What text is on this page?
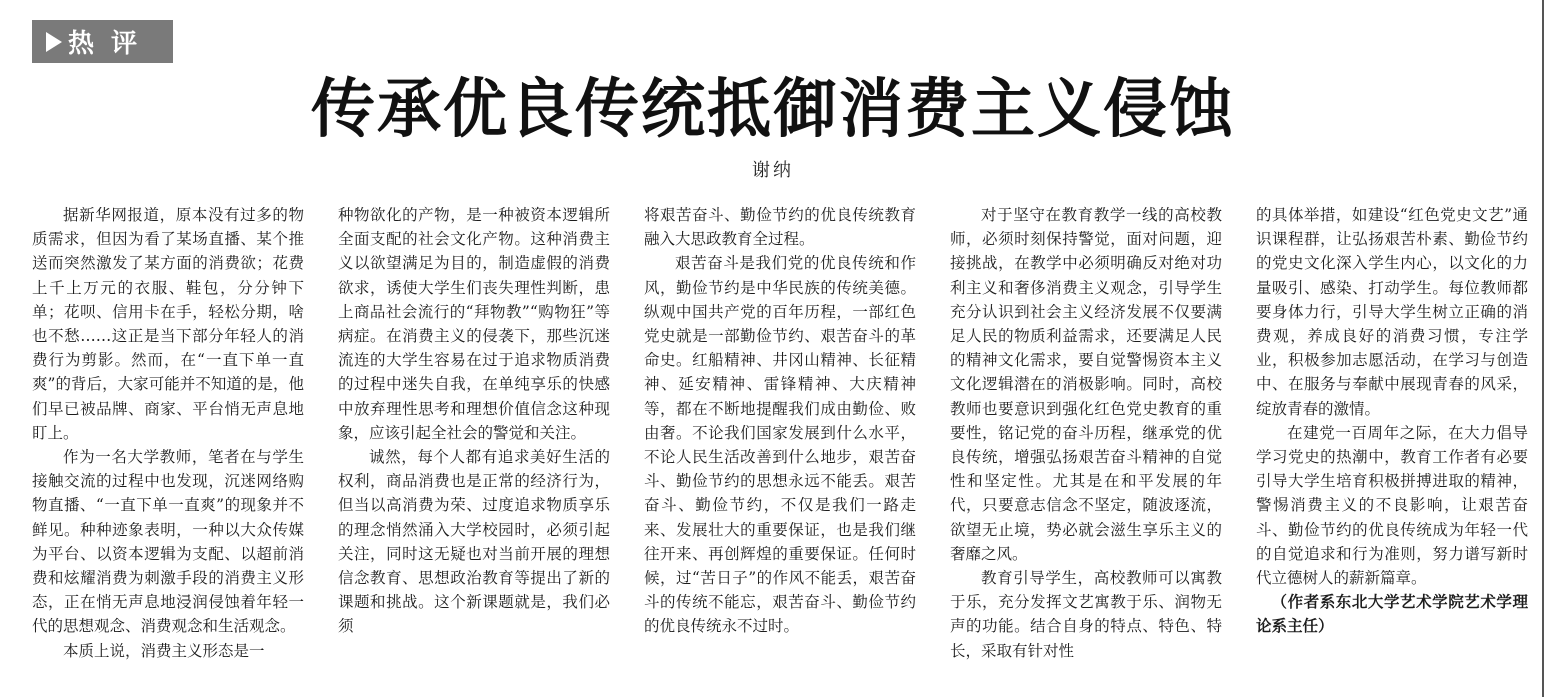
热 评
传承优良传统抵御消费主义侵蚀
谢纳

据新华网报道，原本没有过多的物质需求，但因为看了某场直播、某个推送而突然激发了某方面的消费欲；花费上千上万元的衣服、鞋包，分分钟下单；花呗、信用卡在手，轻松分期，啥也不愁……这正是当下部分年轻人的消费行为剪影。然而，在“一直下单一直爽”的背后，大家可能并不知道的是，他们早已被品牌、商家、平台悄无声息地盯上。

作为一名大学教师，笔者在与学生接触交流的过程中也发现，沉迷网络购物直播、“一直下单一直爽”的现象并不鲜见。种种迹象表明，一种以大众传媒为平台、以资本逻辑为支配、以超前消费和炫耀消费为刺激手段的消费主义形态，正在悄无声息地浸润侵蚀着年轻一代的思想观念、消费观念和生活观念。

本质上说，消费主义形态是一

种物欲化的产物，是一种被资本逻辑所全面支配的社会文化产物。这种消费主义以欲望满足为目的，制造虚假的消费欲求，诱使大学生们丧失理性判断，患上商品社会流行的“拜物教”“购物狂”等病症。在消费主义的侵袭下，那些沉迷流连的大学生容易在过于追求物质消费的过程中迷失自我，在单纯享乐的快感中放弃理性思考和理想价值信念这种现象，应该引起全社会的警觉和关注。

诚然，每个人都有追求美好生活的权利，商品消费也是正常的经济行为，但当以高消费为荣、过度追求物质享乐的理念悄然涌入大学校园时，必须引起关注，同时这无疑也对当前开展的理想信念教育、思想政治教育等提出了新的课题和挑战。这个新课题就是，我们必须

将艰苦奋斗、勤俭节约的优良传统教育融入大思政教育全过程。

艰苦奋斗是我们党的优良传统和作风，勤俭节约是中华民族的传统美德。纵观中国共产党的百年历程，一部红色党史就是一部勤俭节约、艰苦奋斗的革命史。红船精神、井冈山精神、长征精神、延安精神、雷锋精神、大庆精神等，都在不断地提醒我们成由勤俭、败由奢。不论我们国家发展到什么水平，不论人民生活改善到什么地步，艰苦奋斗、勤俭节约的思想永远不能丢。艰苦奋斗、勤俭节约，不仅是我们一路走来、发展壮大的重要保证，也是我们继往开来、再创辉煌的重要保证。任何时候，过“苦日子”的作风不能丢，艰苦奋斗的传统不能忘，艰苦奋斗、勤俭节约的优良传统永不过时。

对于坚守在教育教学一线的高校教师，必须时刻保持警觉，面对问题，迎接挑战，在教学中必须明确反对绝对功利主义和奢侈消费主义观念，引导学生充分认识到社会主义经济发展不仅要满足人民的物质利益需求，还要满足人民的精神文化需求，要自觉警惕资本主义文化逻辑潜在的消极影响。同时，高校教师也要意识到强化红色党史教育的重要性，铭记党的奋斗历程，继承党的优良传统，增强弘扬艰苦奋斗精神的自觉性和坚定性。尤其是在和平发展的年代，只要意志信念不坚定，随波逐流，欲望无止境，势必就会滋生享乐主义的奢靡之风。

教育引导学生，高校教师可以寓教于乐，充分发挥文艺寓教于乐、润物无声的功能。结合自身的特点、特色、特长，采取有针对性

的具体举措，如建设“红色党史文艺”通识课程群，让弘扬艰苦朴素、勤俭节约的党史文化深入学生内心，以文化的力量吸引、感染、打动学生。每位教师都要身体力行，引导大学生树立正确的消费观，养成良好的消费习惯，专注学业，积极参加志愿活动，在学习与创造中、在服务与奉献中展现青春的风采，绽放青春的激情。

在建党一百周年之际，在大力倡导学习党史的热潮中，教育工作者有必要引导大学生培育积极拼搏进取的精神，警惕消费主义的不良影响，让艰苦奋斗、勤俭节约的优良传统成为年轻一代的自觉追求和行为准则，努力谱写新时代立德树人的薪新篇章。

（作者系东北大学艺术学院艺术学理论系主任）
